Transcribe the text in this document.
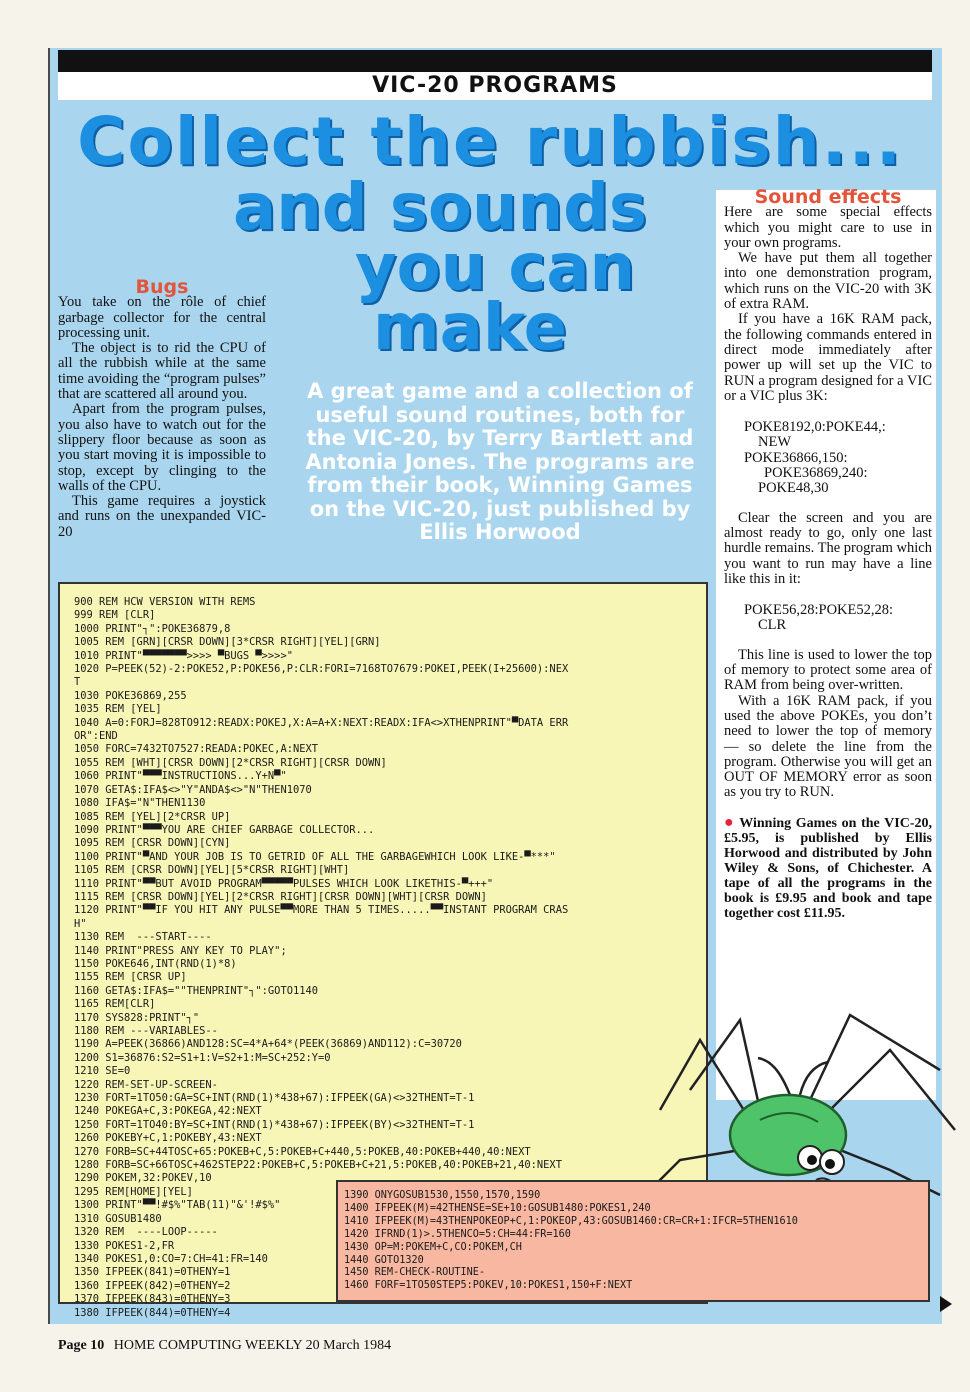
VIC-20 PROGRAMS
Collect the rubbish...
and sounds
you can
make
A great game and a collection of useful sound routines, both for the VIC-20, by Terry Bartlett and Antonia Jones. The programs are from their book, Winning Games on the VIC-20, just published by Ellis Horwood
Bugs

You take on the rôle of chief garbage collector for the central processing unit.

The object is to rid the CPU of all the rubbish while at the same time avoiding the “program pulses” that are scattered all around you.

Apart from the program pulses, you also have to watch out for the slippery floor because as soon as you start moving it is impossible to stop, except by clinging to the walls of the CPU.

This game requires a joystick and runs on the unexpanded VIC-20

Sound effects

Here are some special effects which you might care to use in your own programs.

We have put them all together into one demonstration program, which runs on the VIC-20 with 3K of extra RAM.

If you have a 16K RAM pack, the following commands entered in direct mode immediately after power up will set up the VIC to RUN a program designed for a VIC or a VIC plus 3K:

POKE8192,0:POKE44,:
NEW
POKE36866,150:
POKE36869,240:
POKE48,30

Clear the screen and you are almost ready to go, only one last hurdle remains. The program which you want to run may have a line like this in it:

POKE56,28:POKE52,28:
CLR

This line is used to lower the top of memory to protect some area of RAM from being over-written.

With a 16K RAM pack, if you used the above POKEs, you don’t need to lower the top of memory — so delete the line from the program. Otherwise you will get an OUT OF MEMORY error as soon as you try to RUN.

● Winning Games on the VIC-20, £5.95, is published by Ellis Horwood and distributed by John Wiley & Sons, of Chichester. A tape of all the programs in the book is £9.95 and book and tape together cost £11.95.
900 REM HCW VERSION WITH REMS
999 REM [CLR]
1000 PRINT"┐":POKE36879,8
1005 REM [GRN][CRSR DOWN][3*CRSR RIGHT][YEL][GRN]
1010 PRINT"▀▀▀▀▀▀▀>>>> ▀BUGS ▀>>>>"
1020 P=PEEK(52)-2:POKE52,P:POKE56,P:CLR:FORI=7168TO7679:POKEI,PEEK(I+25600):NEX
T
1030 POKE36869,255
1035 REM [YEL]
1040 A=0:FORJ=828TO912:READX:POKEJ,X:A=A+X:NEXT:READX:IFA<>XTHENPRINT"▀DATA ERR
OR":END
1050 FORC=7432TO7527:READA:POKEC,A:NEXT
1055 REM [WHT][CRSR DOWN][2*CRSR RIGHT][CRSR DOWN]
1060 PRINT"▀▀▀INSTRUCTIONS...Y+N▀"
1070 GETA$:IFA$<>"Y"ANDA$<>"N"THEN1070
1080 IFA$="N"THEN1130
1085 REM [YEL][2*CRSR UP]
1090 PRINT"▀▀▀YOU ARE CHIEF GARBAGE COLLECTOR...
1095 REM [CRSR DOWN][CYN]
1100 PRINT"▀AND YOUR JOB IS TO GETRID OF ALL THE GARBAGEWHICH LOOK LIKE-▀***"
1105 REM [CRSR DOWN][YEL][5*CRSR RIGHT][WHT]
1110 PRINT"▀▀BUT AVOID PROGRAM▀▀▀▀▀PULSES WHICH LOOK LIKETHIS-▀+++"
1115 REM [CRSR DOWN][YEL][2*CRSR RIGHT][CRSR DOWN][WHT][CRSR DOWN]
1120 PRINT"▀▀IF YOU HIT ANY PULSE▀▀MORE THAN 5 TIMES.....▀▀INSTANT PROGRAM CRAS
H"
1130 REM  ---START----
1140 PRINT"PRESS ANY KEY TO PLAY";
1150 POKE646,INT(RND(1)*8)
1155 REM [CRSR UP]
1160 GETA$:IFA$=""THENPRINT"┐":GOTO1140
1165 REM[CLR]
1170 SYS828:PRINT"┐"
1180 REM ---VARIABLES--
1190 A=PEEK(36866)AND128:SC=4*A+64*(PEEK(36869)AND112):C=30720
1200 S1=36876:S2=S1+1:V=S2+1:M=SC+252:Y=0
1210 SE=0
1220 REM-SET-UP-SCREEN-
1230 FORT=1TO50:GA=SC+INT(RND(1)*438+67):IFPEEK(GA)<>32THENT=T-1
1240 POKEGA+C,3:POKEGA,42:NEXT
1250 FORT=1TO40:BY=SC+INT(RND(1)*438+67):IFPEEK(BY)<>32THENT=T-1
1260 POKEBY+C,1:POKEBY,43:NEXT
1270 FORB=SC+44TOSC+65:POKEB+C,5:POKEB+C+440,5:POKEB,40:POKEB+440,40:NEXT
1280 FORB=SC+66TOSC+462STEP22:POKEB+C,5:POKEB+C+21,5:POKEB,40:POKEB+21,40:NEXT
1290 POKEM,32:POKEV,10
1295 REM[HOME][YEL]
1300 PRINT"▀▀!#$%"TAB(11)"&'!#$%"
1310 GOSUB1480
1320 REM  ----LOOP-----
1330 POKES1-2,FR
1340 POKES1,0:CO=7:CH=41:FR=140
1350 IFPEEK(841)=0THENY=1
1360 IFPEEK(842)=0THENY=2
1370 IFPEEK(843)=0THENY=3
1380 IFPEEK(844)=0THENY=4
1390 ONYGOSUB1530,1550,1570,1590
1400 IFPEEK(M)=42THENSE=SE+10:GOSUB1480:POKES1,240
1410 IFPEEK(M)=43THENPOKEOP+C,1:POKEOP,43:GOSUB1460:CR=CR+1:IFCR=5THEN1610
1420 IFRND(1)>.5THENCO=5:CH=44:FR=160
1430 OP=M:POKEM+C,CO:POKEM,CH
1440 GOTO1320
1450 REM-CHECK-ROUTINE-
1460 FORF=1TO50STEP5:POKEV,10:POKES1,150+F:NEXT
Page 10 HOME COMPUTING WEEKLY 20 March 1984
